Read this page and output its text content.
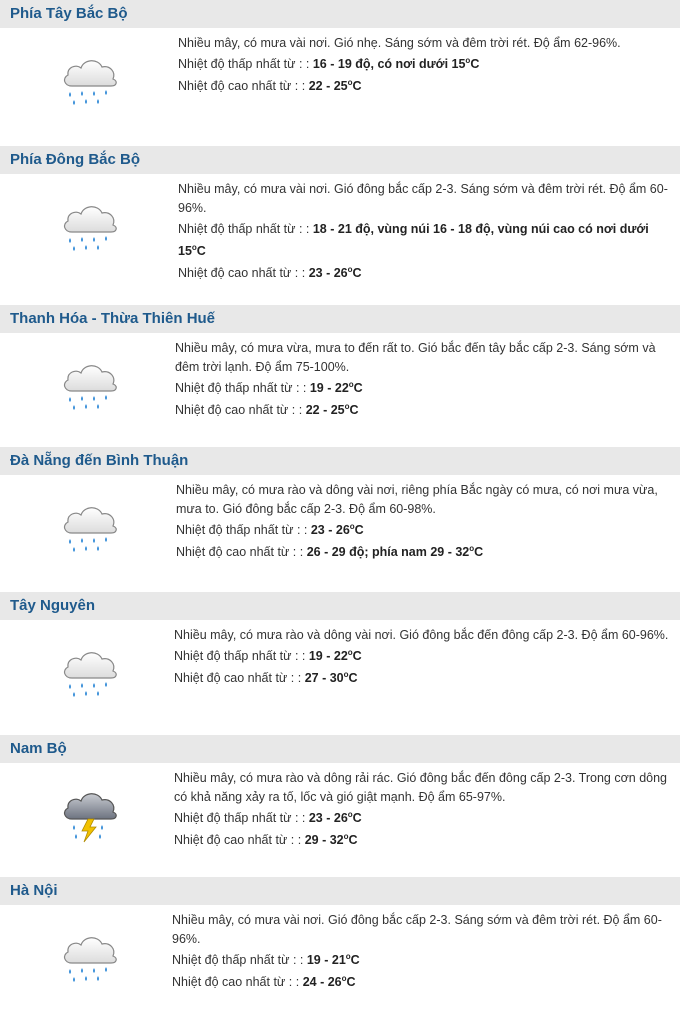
Phía Tây Bắc Bộ

Nhiều mây, có mưa vài nơi. Gió nhẹ. Sáng sớm và đêm trời rét. Độ ẩm 62-96%.

Nhiệt độ thấp nhất từ : : 16 - 19 độ, có nơi dưới 15$^o$C
Nhiệt độ cao nhất từ : : 22 - 25$^o$C
Phía Đông Bắc Bộ

Nhiều mây, có mưa vài nơi. Gió đông bắc cấp 2-3. Sáng sớm và đêm trời rét. Độ ẩm 60-96%.

Nhiệt độ thấp nhất từ : : 18 - 21 độ, vùng núi 16 - 18 độ, vùng núi cao có nơi dưới 15$^o$C
Nhiệt độ cao nhất từ : : 23 - 26$^o$C
Thanh Hóa - Thừa Thiên Huế

Nhiều mây, có mưa vừa, mưa to đến rất to. Gió bắc đến tây bắc cấp 2-3. Sáng sớm và đêm trời lạnh. Độ ẩm 75-100%.

Nhiệt độ thấp nhất từ : : 19 - 22$^o$C
Nhiệt độ cao nhất từ : : 22 - 25$^o$C
Đà Nẵng đến Bình Thuận

Nhiều mây, có mưa rào và dông vài nơi, riêng phía Bắc ngày có mưa, có nơi mưa vừa, mưa to. Gió đông bắc cấp 2-3. Độ ẩm 60-98%.

Nhiệt độ thấp nhất từ : : 23 - 26$^o$C
Nhiệt độ cao nhất từ : : 26 - 29 độ; phía nam 29 - 32$^o$C
Tây Nguyên

Nhiều mây, có mưa rào và dông vài nơi. Gió đông bắc đến đông cấp 2-3. Độ ẩm 60-96%.

Nhiệt độ thấp nhất từ : : 19 - 22$^o$C
Nhiệt độ cao nhất từ : : 27 - 30$^o$C
Nam Bộ

Nhiều mây, có mưa rào và dông rải rác. Gió đông bắc đến đông cấp 2-3. Trong cơn dông có khả năng xảy ra tố, lốc và gió giật mạnh. Độ ẩm 65-97%.

Nhiệt độ thấp nhất từ : : 23 - 26$^o$C
Nhiệt độ cao nhất từ : : 29 - 32$^o$C
Hà Nội

Nhiều mây, có mưa vài nơi. Gió đông bắc cấp 2-3. Sáng sớm và đêm trời rét. Độ ẩm 60-96%.

Nhiệt độ thấp nhất từ : : 19 - 21$^o$C
Nhiệt độ cao nhất từ : : 24 - 26$^o$C
